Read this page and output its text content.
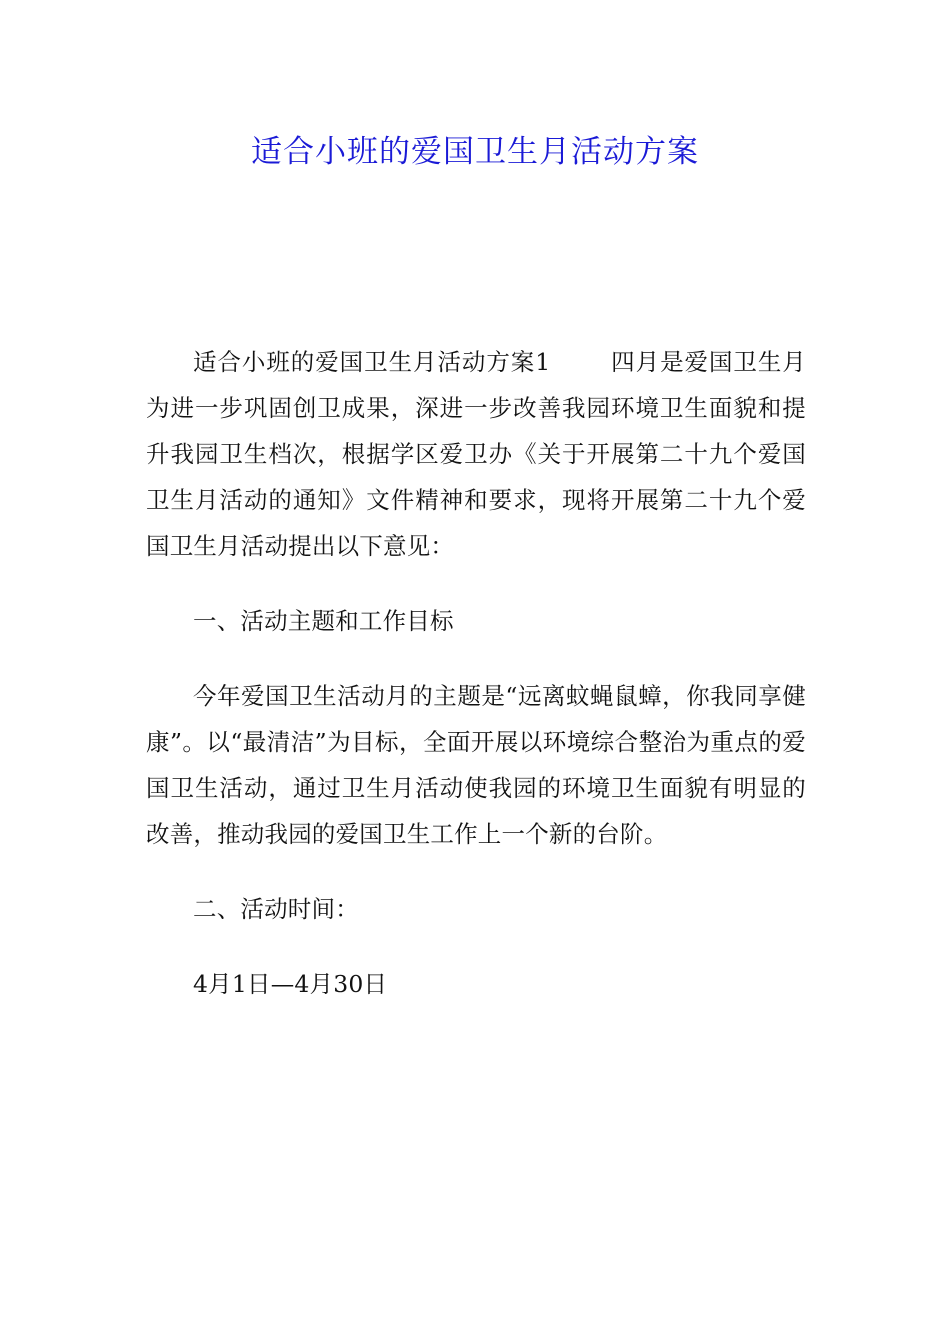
适合小班的爱国卫生月活动方案

适合小班的爱国卫生月活动方案1	四月是爱国卫生月为进一步巩固创卫成果，深进一步改善我园环境卫生面貌和提升我园卫生档次，根据学区爱卫办《关于开展第二十九个爱国卫生月活动的通知》文件精神和要求，现将开展第二十九个爱国卫生月活动提出以下意见：

一、活动主题和工作目标

今年爱国卫生活动月的主题是“远离蚊蝇鼠蟑，你我同享健康”。以“最清洁”为目标，全面开展以环境综合整治为重点的爱国卫生活动，通过卫生月活动使我园的环境卫生面貌有明显的改善，推动我园的爱国卫生工作上一个新的台阶。

二、活动时间：

4月1日—4月30日
